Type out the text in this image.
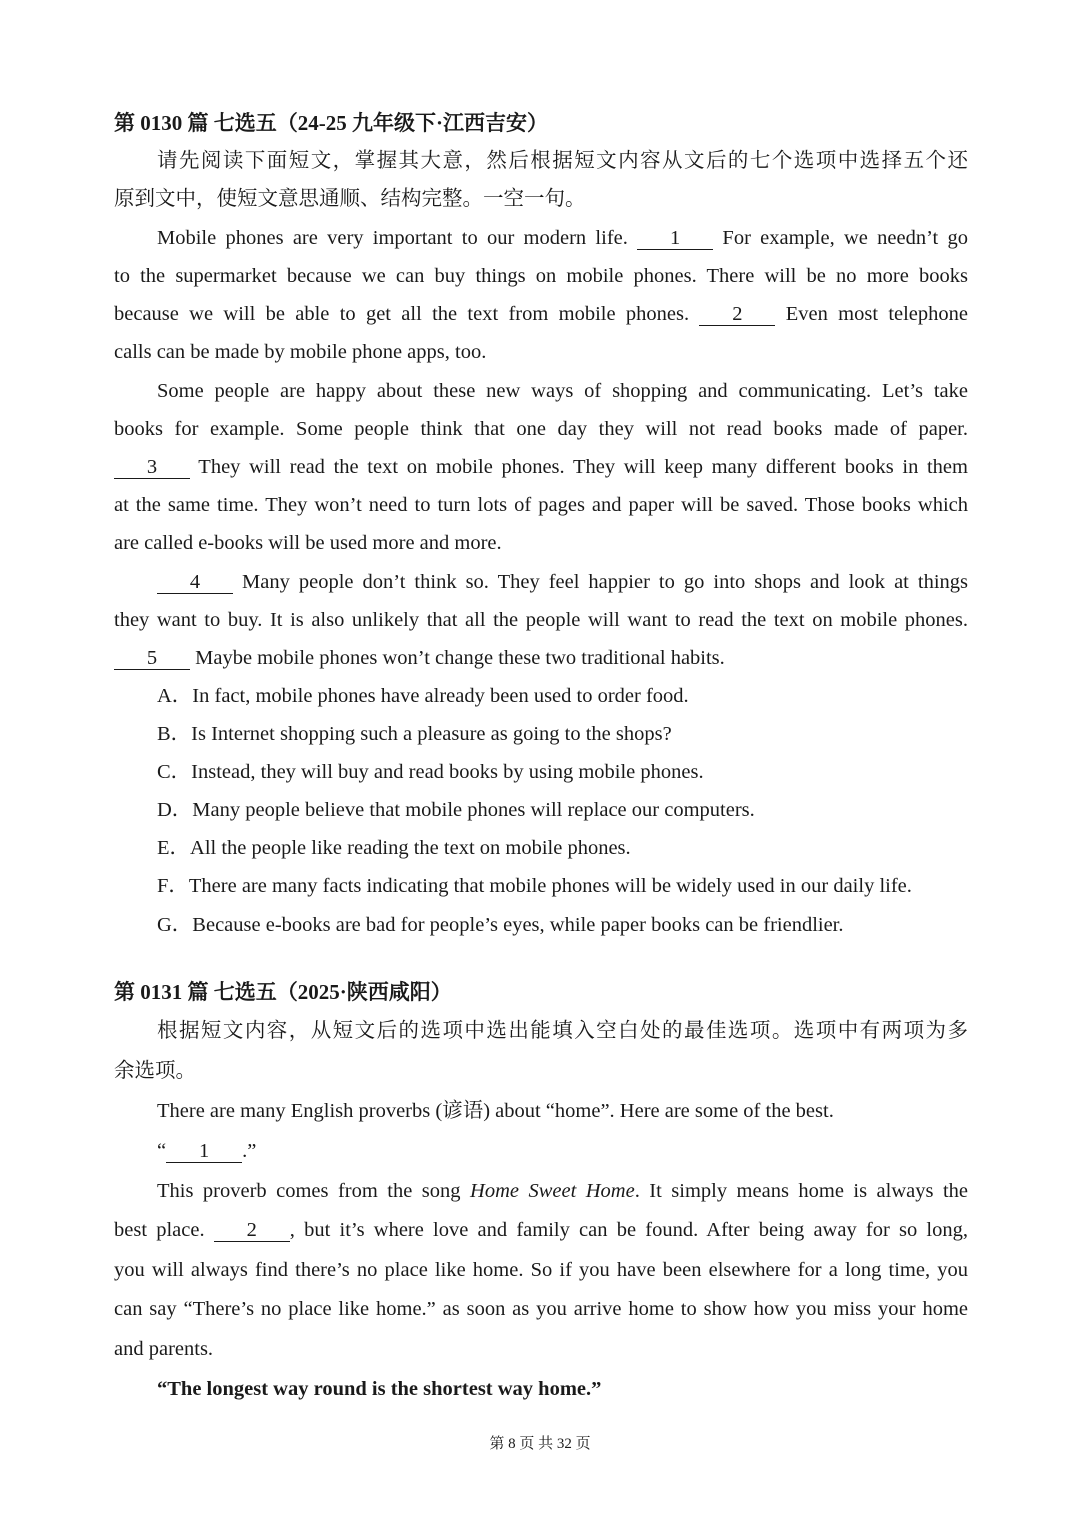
第 0130 篇 七选五（24-25 九年级下·江西吉安）
请先阅读下面短文，掌握其大意，然后根据短文内容从文后的七个选项中选择五个还
原到文中，使短文意思通顺、结构完整。一空一句。
Mobile phones are very important to our modern life. 1 For example, we needn’t go
to the supermarket because we can buy things on mobile phones. There will be no more books
because we will be able to get all the text from mobile phones. 2 Even most telephone
calls can be made by mobile phone apps, too.
Some people are happy about these new ways of shopping and communicating. Let’s take
books for example. Some people think that one day they will not read books made of paper.
3 They will read the text on mobile phones. They will keep many different books in them
at the same time. They won’t need to turn lots of pages and paper will be saved. Those books which
are called e-books will be used more and more.
4 Many people don’t think so. They feel happier to go into shops and look at things
they want to buy. It is also unlikely that all the people will want to read the text on mobile phones.
5 Maybe mobile phones won’t change these two traditional habits.
A．In fact, mobile phones have already been used to order food.
B．Is Internet shopping such a pleasure as going to the shops?
C．Instead, they will buy and read books by using mobile phones.
D．Many people believe that mobile phones will replace our computers.
E．All the people like reading the text on mobile phones.
F．There are many facts indicating that mobile phones will be widely used in our daily life.
G．Because e-books are bad for people’s eyes, while paper books can be friendlier.
第 0131 篇 七选五（2025·陕西咸阳）
根据短文内容，从短文后的选项中选出能填入空白处的最佳选项。选项中有两项为多
余选项。
There are many English proverbs (谚语) about “home”. Here are some of the best.
“ 1 .”
This proverb comes from the song Home Sweet Home. It simply means home is always the
best place. 2 , but it’s where love and family can be found. After being away for so long,
you will always find there’s no place like home. So if you have been elsewhere for a long time, you
can say “There’s no place like home.” as soon as you arrive home to show how you miss your home
and parents.
“The longest way round is the shortest way home.”
第 8 页 共 32 页
